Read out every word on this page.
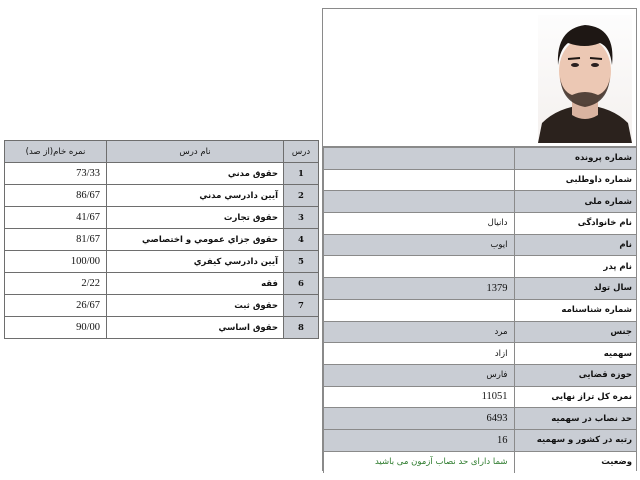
درس	نام درس	نمره خام(از صد)
1	حقوق مدني	73/33
2	آيين دادرسي مدني	86/67
3	حقوق تجارت	41/67
4	حقوق جزاي عمومي و اختصاصي	81/67
5	آيين دادرسي كيفري	100/00
6	فقه	2/22
7	حقوق ثبت	26/67
8	حقوق اساسي	90/00
شماره پرونده	
شماره داوطلبی	
شماره ملی	
نام خانوادگی	دانیال
نام	ایوب
نام پدر	
سال تولد	1379
شماره شناسنامه	
جنس	مرد
سهمیه	ازاد
حوزه قضایی	فارس
نمره کل تراز نهایی	11051
حد نصاب در سهمیه	6493
رتبه در کشور و سهمیه	16
وضعیت	شما دارای حد نصاب آزمون می باشید
